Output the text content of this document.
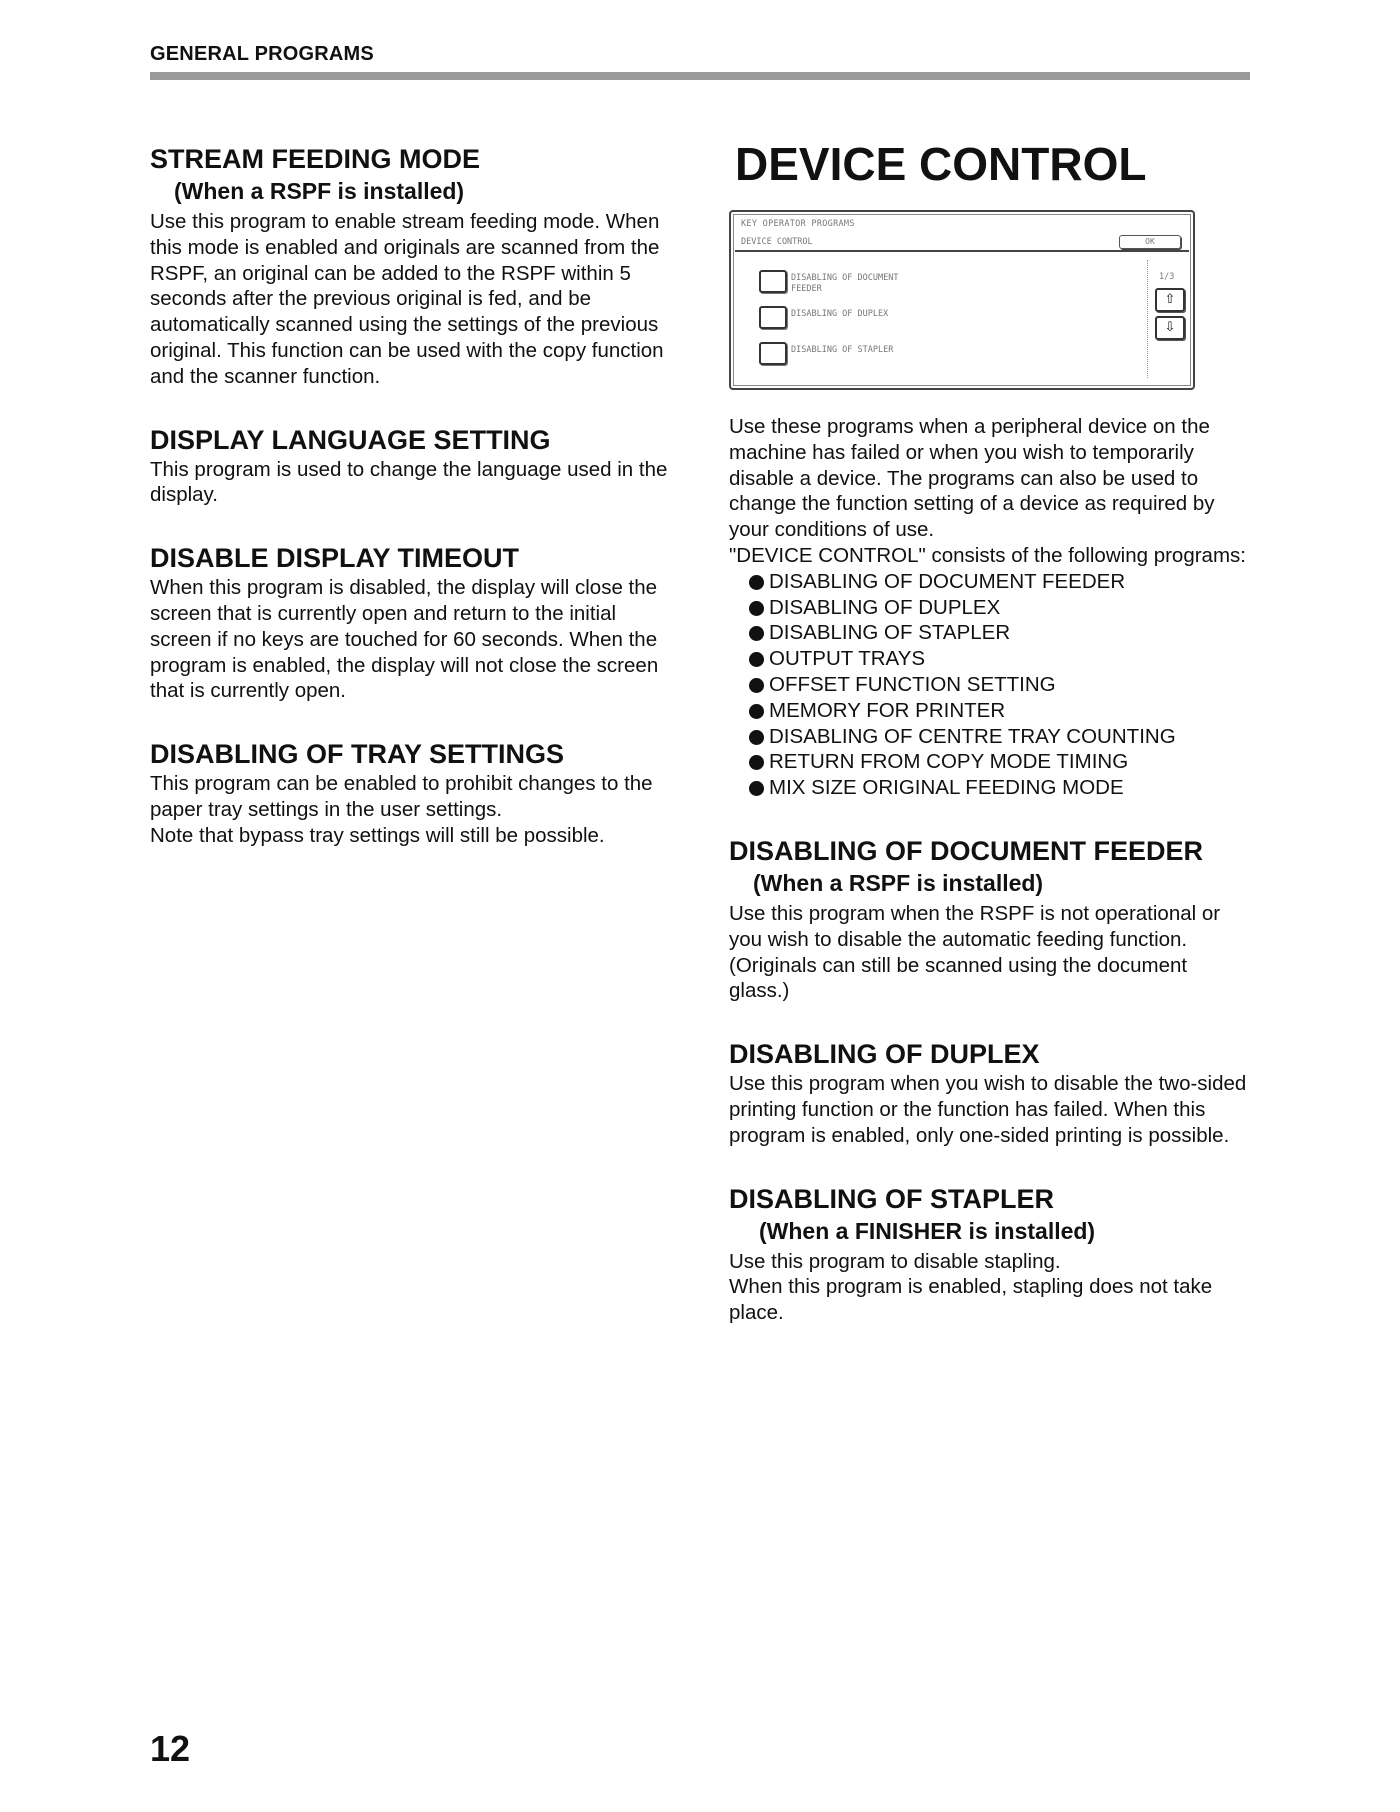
GENERAL PROGRAMS
STREAM FEEDING MODE
(When a RSPF is installed)

Use this program to enable stream feeding mode. When this mode is enabled and originals are scanned from the RSPF, an original can be added to the RSPF within 5 seconds after the previous original is fed, and be automatically scanned using the settings of the previous original. This function can be used with the copy function and the scanner function.

DISPLAY LANGUAGE SETTING

This program is used to change the language used in the display.

DISABLE DISPLAY TIMEOUT

When this program is disabled, the display will close the screen that is currently open and return to the initial screen if no keys are touched for 60 seconds. When the program is enabled, the display will not close the screen that is currently open.

DISABLING OF TRAY SETTINGS

This program can be enabled to prohibit changes to the paper tray settings in the user settings.

Note that bypass tray settings will still be possible.

DEVICE CONTROL
KEY OPERATOR PROGRAMS
DEVICE CONTROL	OK
DISABLING OF DOCUMENT
FEEDER
DISABLING OF DUPLEX
DISABLING OF STAPLER
1/3
⇧
⇩

Use these programs when a peripheral device on the machine has failed or when you wish to temporarily disable a device. The programs can also be used to change the function setting of a device as required by your conditions of use.

"DEVICE CONTROL" consists of the following programs:

DISABLING OF DOCUMENT FEEDER
DISABLING OF DUPLEX
DISABLING OF STAPLER
OUTPUT TRAYS
OFFSET FUNCTION SETTING
MEMORY FOR PRINTER
DISABLING OF CENTRE TRAY COUNTING
RETURN FROM COPY MODE TIMING
MIX SIZE ORIGINAL FEEDING MODE
DISABLING OF DOCUMENT FEEDER
(When a RSPF is installed)

Use this program when the RSPF is not operational or you wish to disable the automatic feeding function. (Originals can still be scanned using the document glass.)

DISABLING OF DUPLEX

Use this program when you wish to disable the two-sided printing function or the function has failed. When this program is enabled, only one-sided printing is possible.

DISABLING OF STAPLER
(When a FINISHER is installed)

Use this program to disable stapling.

When this program is enabled, stapling does not take place.

12
